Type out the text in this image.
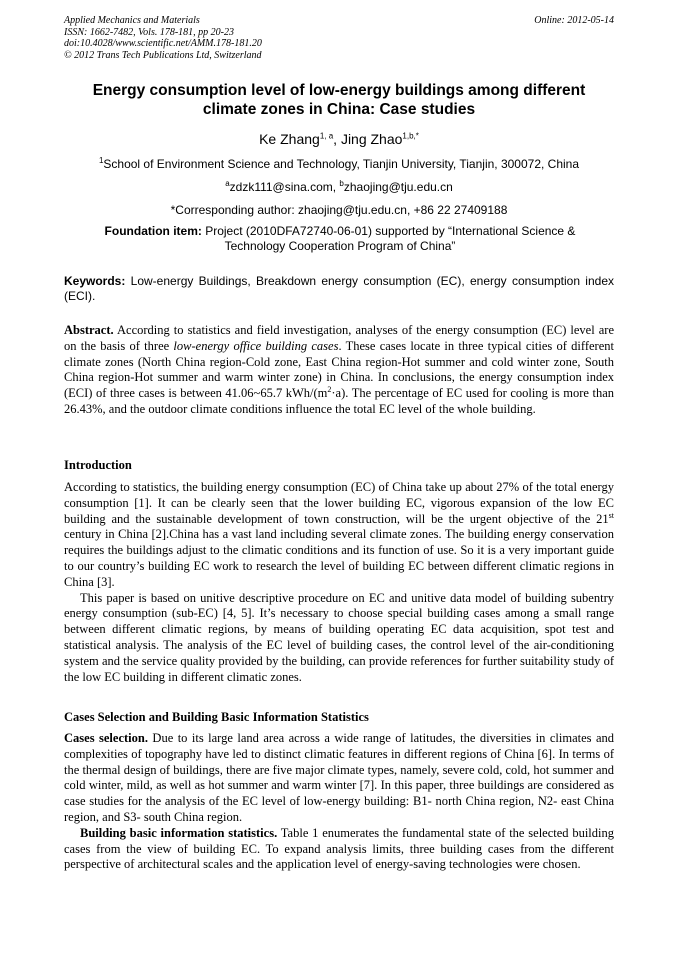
Applied Mechanics and Materials
ISSN: 1662-7482, Vols. 178-181, pp 20-23
doi:10.4028/www.scientific.net/AMM.178-181.20
© 2012 Trans Tech Publications Ltd, Switzerland
Online: 2012-05-14
Energy consumption level of low-energy buildings among different
climate zones in China: Case studies
Ke Zhang$^{1, a}$, Jing Zhao$^{1,b,*}$
$^1$School of Environment Science and Technology, Tianjin University, Tianjin, 300072, China
$^a$zdzk111@sina.com, $^b$zhaojing@tju.edu.cn
*Corresponding author: zhaojing@tju.edu.cn, +86 22 27409188
Foundation item: Project (2010DFA72740-06-01) supported by “International Science & Technology Cooperation Program of China”
Keywords: Low-energy Buildings, Breakdown energy consumption (EC), energy consumption index (ECI).
Abstract. According to statistics and field investigation, analyses of the energy consumption (EC) level are on the basis of three low-energy office building cases. These cases locate in three typical cities of different climate zones (North China region-Cold zone, East China region-Hot summer and cold winter zone, South China region-Hot summer and warm winter zone) in China. In conclusions, the energy consumption index (ECI) of three cases is between 41.06~65.7 kWh/$(m^2\cdot a)$. The percentage of EC used for cooling is more than 26.43%, and the outdoor climate conditions influence the total EC level of the whole building.
Introduction

According to statistics, the building energy consumption (EC) of China take up about 27% of the total energy consumption [1]. It can be clearly seen that the lower building EC, vigorous expansion of the low EC building and the sustainable development of town construction, will be the urgent objective of the 21st century in China [2].China has a vast land including several climate zones. The building energy conservation requires the buildings adjust to the climatic conditions and its function of use. So it is a very important guide to our country’s building EC work to research the level of building EC between different climatic regions in China [3].

This paper is based on unitive descriptive procedure on EC and unitive data model of building subentry energy consumption (sub-EC) [4, 5]. It’s necessary to choose special building cases among a small range between different climatic regions, by means of building operating EC data acquisition, spot test and statistical analysis. The analysis of the EC level of building cases, the control level of the air-conditioning system and the service quality provided by the building, can provide references for further suitability study of the low EC building in different climatic zones.

Cases Selection and Building Basic Information Statistics

Cases selection. Due to its large land area across a wide range of latitudes, the diversities in climates and complexities of topography have led to distinct climatic features in different regions of China [6]. In terms of the thermal design of buildings, there are five major climate types, namely, severe cold, cold, hot summer and cold winter, mild, as well as hot summer and warm winter [7]. In this paper, three buildings are considered as case studies for the analysis of the EC level of low-energy building: B1- north China region, N2- east China region, and S3- south China region.

Building basic information statistics. Table 1 enumerates the fundamental state of the selected building cases from the view of building EC. To expand analysis limits, three building cases from the different perspective of architectural scales and the application level of energy-saving technologies were chosen.
